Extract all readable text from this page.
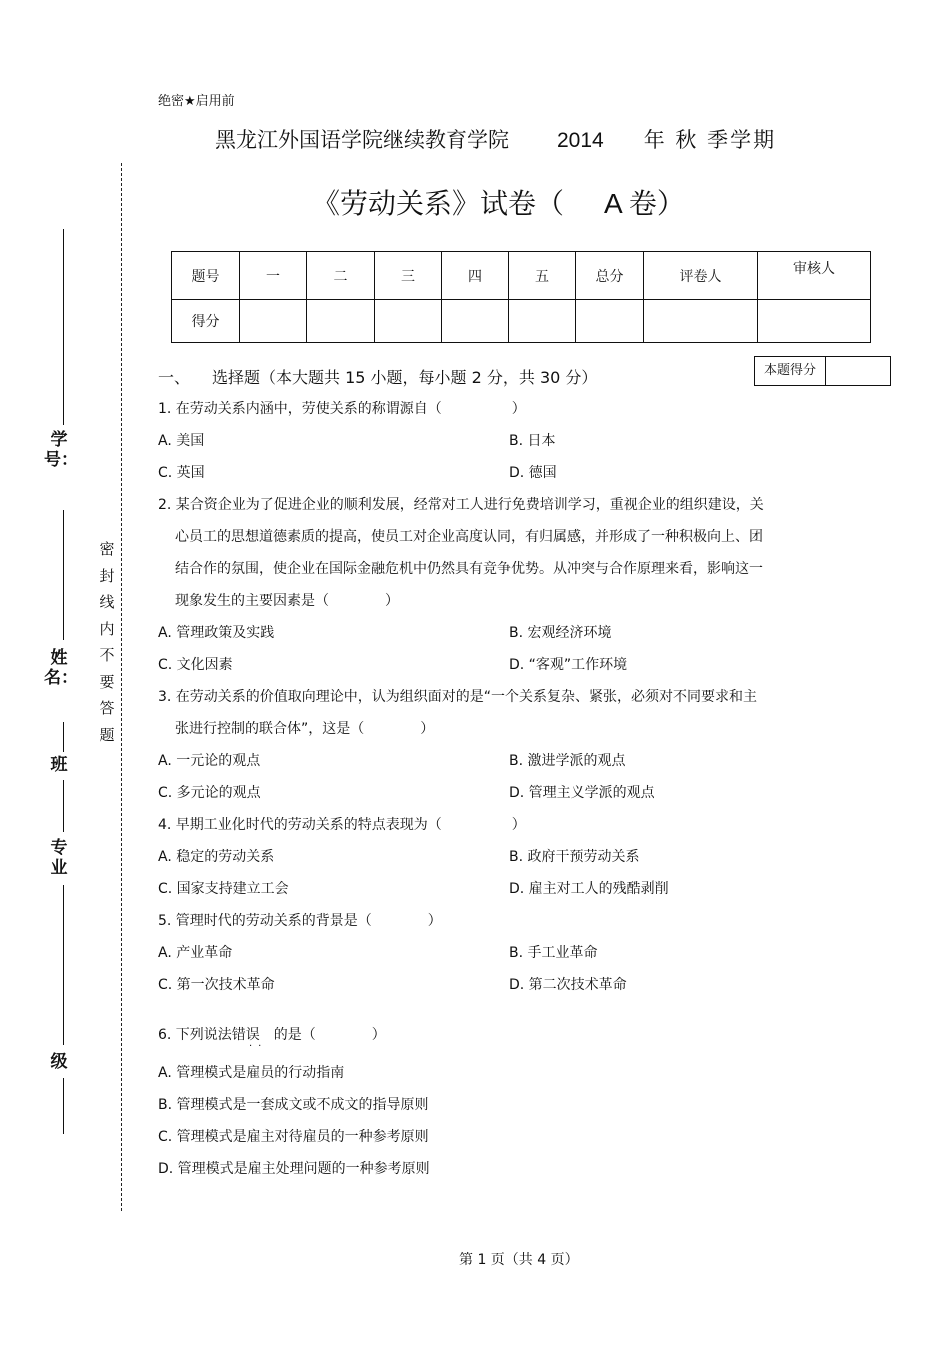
密封线内不要答题
学号：
姓名：
班
专业
级
绝密★启用前
黑龙江外国语学院继续教育学院 2014 年 秋 季学期
《劳动关系》试卷（ A 卷）
题号	一	二	三	四	五	总分	评卷人	审核人
得分								
一、 选择题（本大题共 15 小题，每小题 2 分，共 30 分）	本题得分
1. 在劳动关系内涵中，劳使关系的称谓源自（　　　　　）
A. 美国	B. 日本
C. 英国	D. 德国
2. 某合资企业为了促进企业的顺利发展，经常对工人进行免费培训学习，重视企业的组织建设，关
心员工的思想道德素质的提高，使员工对企业高度认同，有归属感，并形成了一种积极向上、团
结合作的氛围，使企业在国际金融危机中仍然具有竞争优势。从冲突与合作原理来看，影响这一
现象发生的主要因素是（　　　　）
A. 管理政策及实践	B. 宏观经济环境
C. 文化因素	D. “客观”工作环境
3. 在劳动关系的价值取向理论中，认为组织面对的是“一个关系复杂、紧张，必须对不同要求和主
张进行控制的联合体”，这是（　　　　）
A. 一元论的观点	B. 激进学派的观点
C. 多元论的观点	D. 管理主义学派的观点
4. 早期工业化时代的劳动关系的特点表现为（　　　　　）
A. 稳定的劳动关系	B. 政府干预劳动关系
C. 国家支持建立工会	D. 雇主对工人的残酷剥削
5. 管理时代的劳动关系的背景是（　　　　）
A. 产业革命	B. 手工业革命
C. 第一次技术革命	D. 第二次技术革命
6. 下列说法错误　的是（　　　　）
··
A. 管理模式是雇员的行动指南
B. 管理模式是一套成文或不成文的指导原则
C. 管理模式是雇主对待雇员的一种参考原则
D. 管理模式是雇主处理问题的一种参考原则
第 1 页（共 4 页）
